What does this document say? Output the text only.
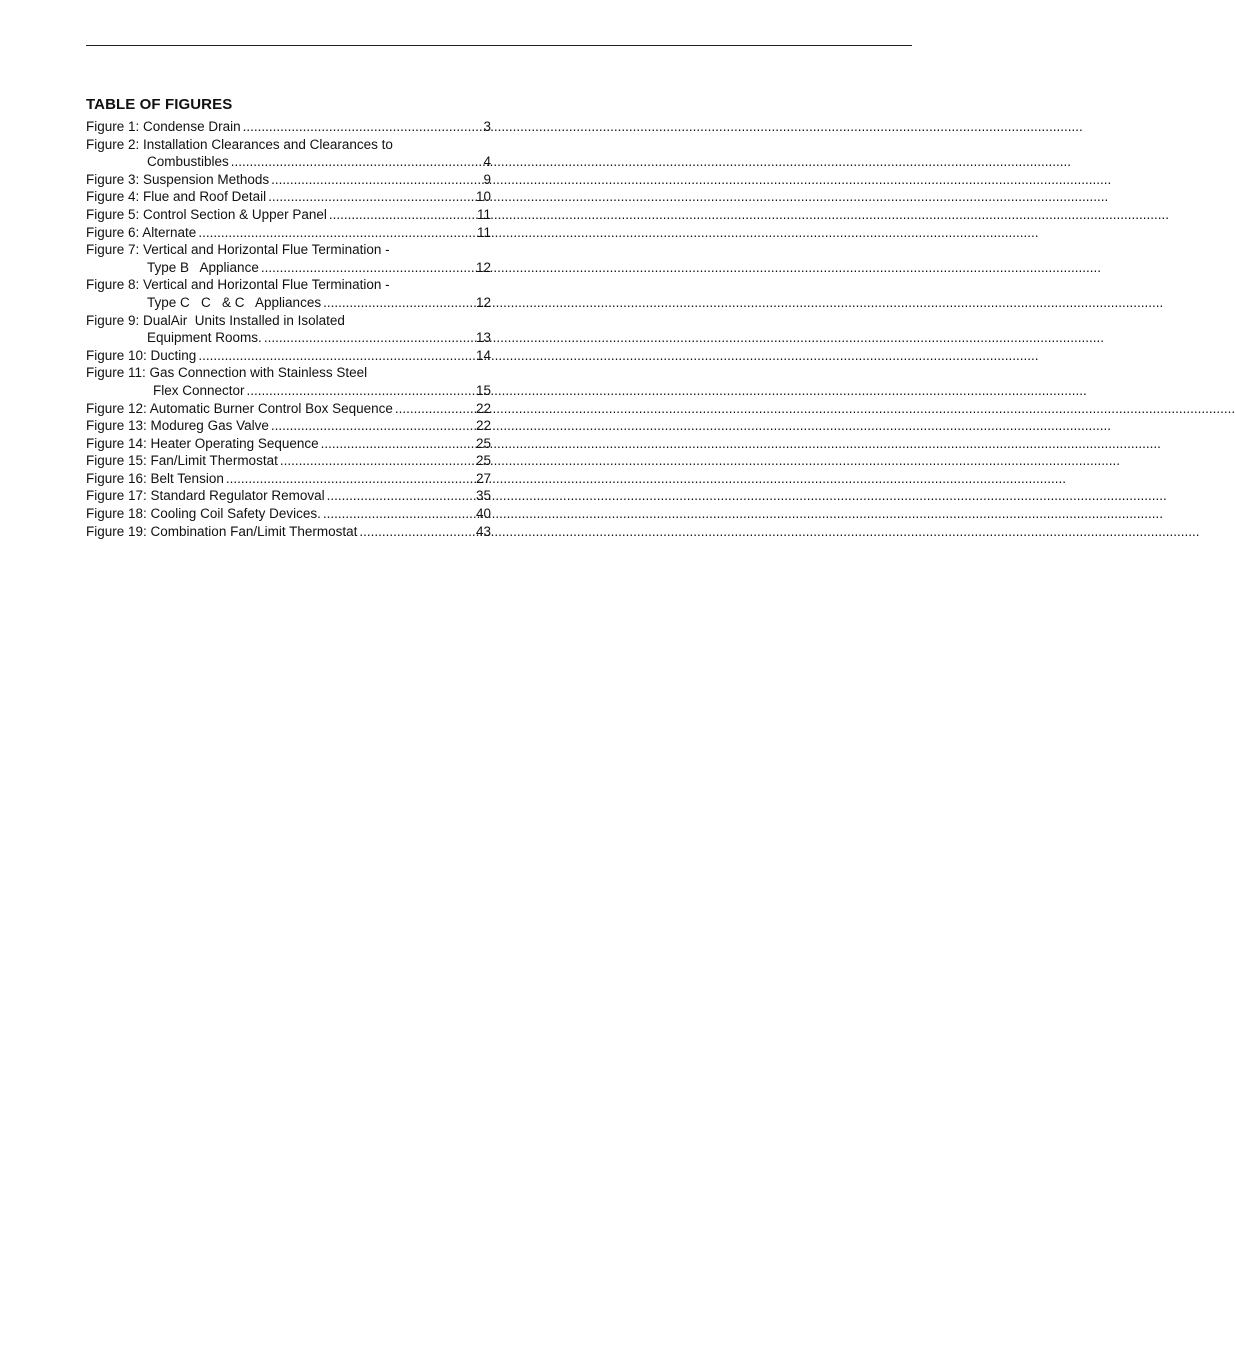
TABLE OF FIGURES
Figure 1: Condense Drain .....	3
Figure 2: Installation Clearances and Clearances to
Combustibles .....	4
Figure 3: Suspension Methods .....	9
Figure 4: Flue and Roof Detail .....	10
Figure 5: Control Section & Upper Panel .....	11
Figure 6: Alternate .....	11
Figure 7: Vertical and Horizontal Flue Termination -
Type B   Appliance .....	12
Figure 8: Vertical and Horizontal Flue Termination -
Type C   C   & C   Appliances .....	12
Figure 9: DualAir  Units Installed in Isolated
Equipment Rooms. .....	13
Figure 10: Ducting .....	14
Figure 11: Gas Connection with Stainless Steel
Flex Connector .....	15
Figure 12: Automatic Burner Control Box Sequence .....	22
Figure 13: Modureg Gas Valve .....	22
Figure 14: Heater Operating Sequence .....	25
Figure 15: Fan/Limit Thermostat .....	25
Figure 16: Belt Tension .....	27
Figure 17: Standard Regulator Removal .....	35
Figure 18: Cooling Coil Safety Devices. .....	40
Figure 19: Combination Fan/Limit Thermostat .....	43
